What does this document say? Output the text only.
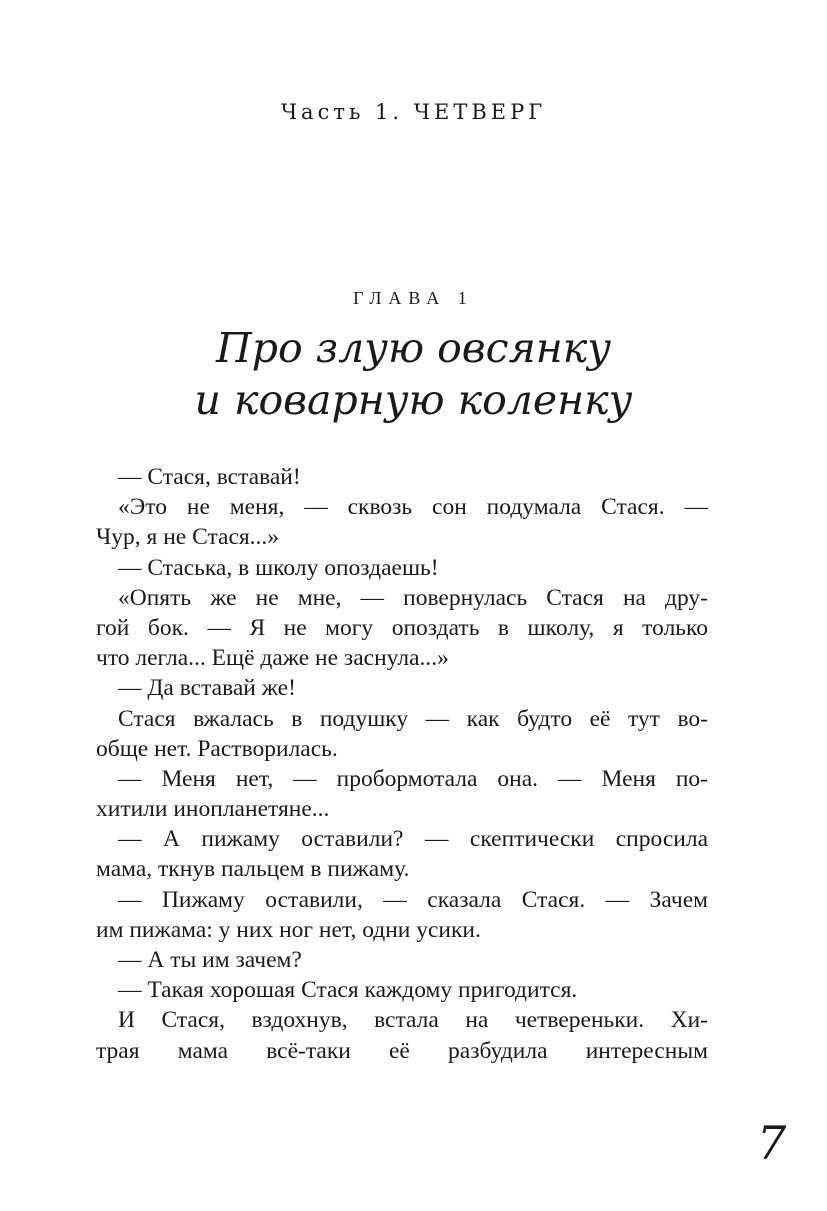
Часть 1. ЧЕТВЕРГ
ГЛАВА 1
Про злую овсянку
и коварную коленку
— Стася, вставай!
«Это не меня, — сквозь сон подумала Стася. —
Чур, я не Стася...»
— Стаська, в школу опоздаешь!
«Опять же не мне, — повернулась Стася на дру-
гой бок. — Я не могу опоздать в школу, я только
что легла... Ещё даже не заснула...»
— Да вставай же!
Стася вжалась в подушку — как будто её тут во-
обще нет. Растворилась.
— Меня нет, — пробормотала она. — Меня по-
хитили инопланетяне...
— А пижаму оставили? — скептически спросила
мама, ткнув пальцем в пижаму.
— Пижаму оставили, — сказала Стася. — Зачем
им пижама: у них ног нет, одни усики.
— А ты им зачем?
— Такая хорошая Стася каждому пригодится.
И Стася, вздохнув, встала на четвереньки. Хи-
трая мама всё-таки её разбудила интересным
7
